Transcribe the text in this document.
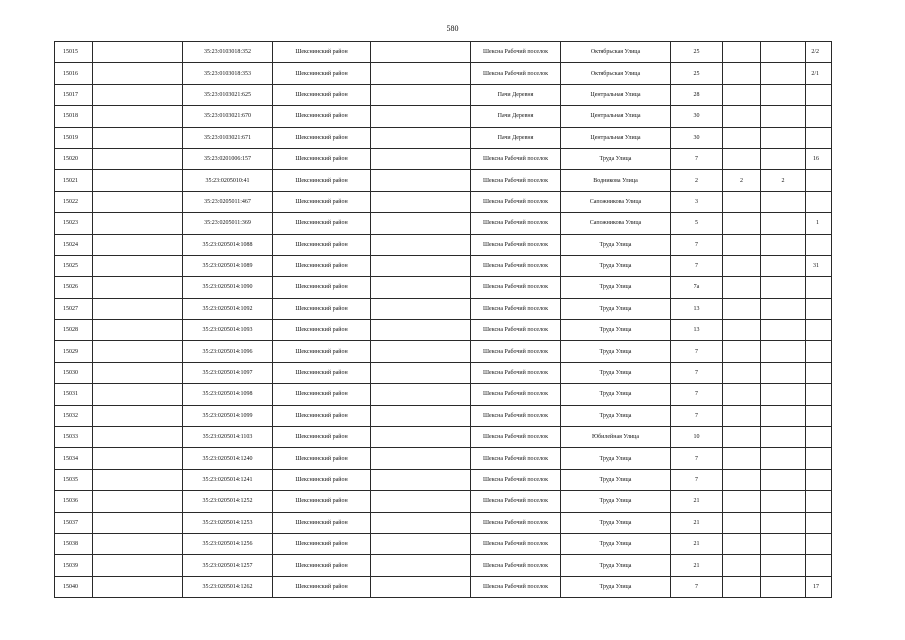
580
15015		35:23:0103018:352	Шекснинский район		Шексна Рабочий поселок	Октябрьская Улица	25			2/2
15016		35:23:0103018:353	Шекснинский район		Шексна Рабочий поселок	Октябрьская Улица	25			2/1
15017		35:23:0103021:625	Шекснинский район		Пачи Деревня	Центральная Улица	28			
15018		35:23:0103021:670	Шекснинский район		Пачи Деревня	Центральная Улица	30			
15019		35:23:0103021:671	Шекснинский район		Пачи Деревня	Центральная Улица	30			
15020		35:23:0201006:157	Шекснинский район		Шексна Рабочий поселок	Труда Улица	7			16
15021		35:23:0205010:41	Шекснинский район		Шексна Рабочий поселок	Водникова Улица	2	2	2	
15022		35:23:0205011:467	Шекснинский район		Шексна Рабочий поселок	Сапожникова Улица	3			
15023		35:23:0205011:369	Шекснинский район		Шексна Рабочий поселок	Сапожникова Улица	5			1
15024		35:23:0205014:1088	Шекснинский район		Шексна Рабочий поселок	Труда Улица	7			
15025		35:23:0205014:1089	Шекснинский район		Шексна Рабочий поселок	Труда Улица	7			31
15026		35:23:0205014:1090	Шекснинский район		Шексна Рабочий поселок	Труда Улица	7а			
15027		35:23:0205014:1092	Шекснинский район		Шексна Рабочий поселок	Труда Улица	13			
15028		35:23:0205014:1093	Шекснинский район		Шексна Рабочий поселок	Труда Улица	13			
15029		35:23:0205014:1096	Шекснинский район		Шексна Рабочий поселок	Труда Улица	7			
15030		35:23:0205014:1097	Шекснинский район		Шексна Рабочий поселок	Труда Улица	7			
15031		35:23:0205014:1098	Шекснинский район		Шексна Рабочий поселок	Труда Улица	7			
15032		35:23:0205014:1099	Шекснинский район		Шексна Рабочий поселок	Труда Улица	7			
15033		35:23:0205014:1103	Шекснинский район		Шексна Рабочий поселок	Юбилейная Улица	10			
15034		35:23:0205014:1240	Шекснинский район		Шексна Рабочий поселок	Труда Улица	7			
15035		35:23:0205014:1241	Шекснинский район		Шексна Рабочий поселок	Труда Улица	7			
15036		35:23:0205014:1252	Шекснинский район		Шексна Рабочий поселок	Труда Улица	21			
15037		35:23:0205014:1253	Шекснинский район		Шексна Рабочий поселок	Труда Улица	21			
15038		35:23:0205014:1256	Шекснинский район		Шексна Рабочий поселок	Труда Улица	21			
15039		35:23:0205014:1257	Шекснинский район		Шексна Рабочий поселок	Труда Улица	21			
15040		35:23:0205014:1262	Шекснинский район		Шексна Рабочий поселок	Труда Улица	7			17
